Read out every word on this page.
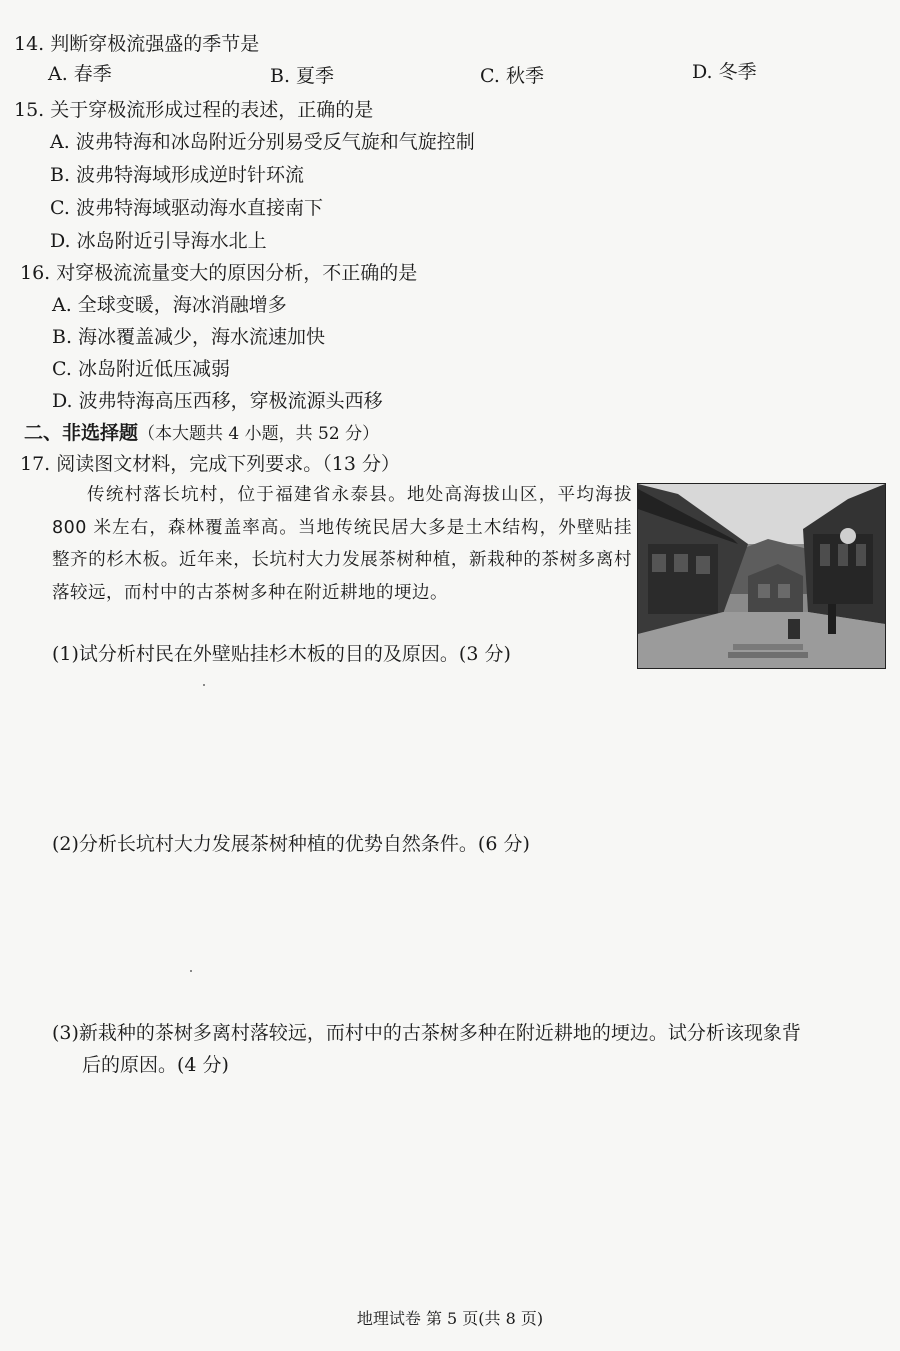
14. 判断穿极流强盛的季节是
A. 春季	B. 夏季	C. 秋季	D. 冬季
15. 关于穿极流形成过程的表述，正确的是
A. 波弗特海和冰岛附近分别易受反气旋和气旋控制
B. 波弗特海域形成逆时针环流
C. 波弗特海域驱动海水直接南下
D. 冰岛附近引导海水北上
16. 对穿极流流量变大的原因分析，不正确的是
A. 全球变暖，海冰消融增多
B. 海冰覆盖减少，海水流速加快
C. 冰岛附近低压减弱
D. 波弗特海高压西移，穿极流源头西移
二、非选择题（本大题共 4 小题，共 52 分）
17. 阅读图文材料，完成下列要求。（13 分）
传统村落长坑村，位于福建省永泰县。地处高海拔山区，平均海拔 800 米左右，森林覆盖率高。当地传统民居大多是土木结构，外壁贴挂整齐的杉木板。近年来，长坑村大力发展茶树种植，新栽种的茶树多离村落较远，而村中的古茶树多种在附近耕地的埂边。
(1)试分析村民在外壁贴挂杉木板的目的及原因。(3 分)
(2)分析长坑村大力发展茶树种植的优势自然条件。(6 分)
(3)新栽种的茶树多离村落较远，而村中的古茶树多种在附近耕地的埂边。试分析该现象背
后的原因。(4 分)
地理试卷 第 5 页(共 8 页)
